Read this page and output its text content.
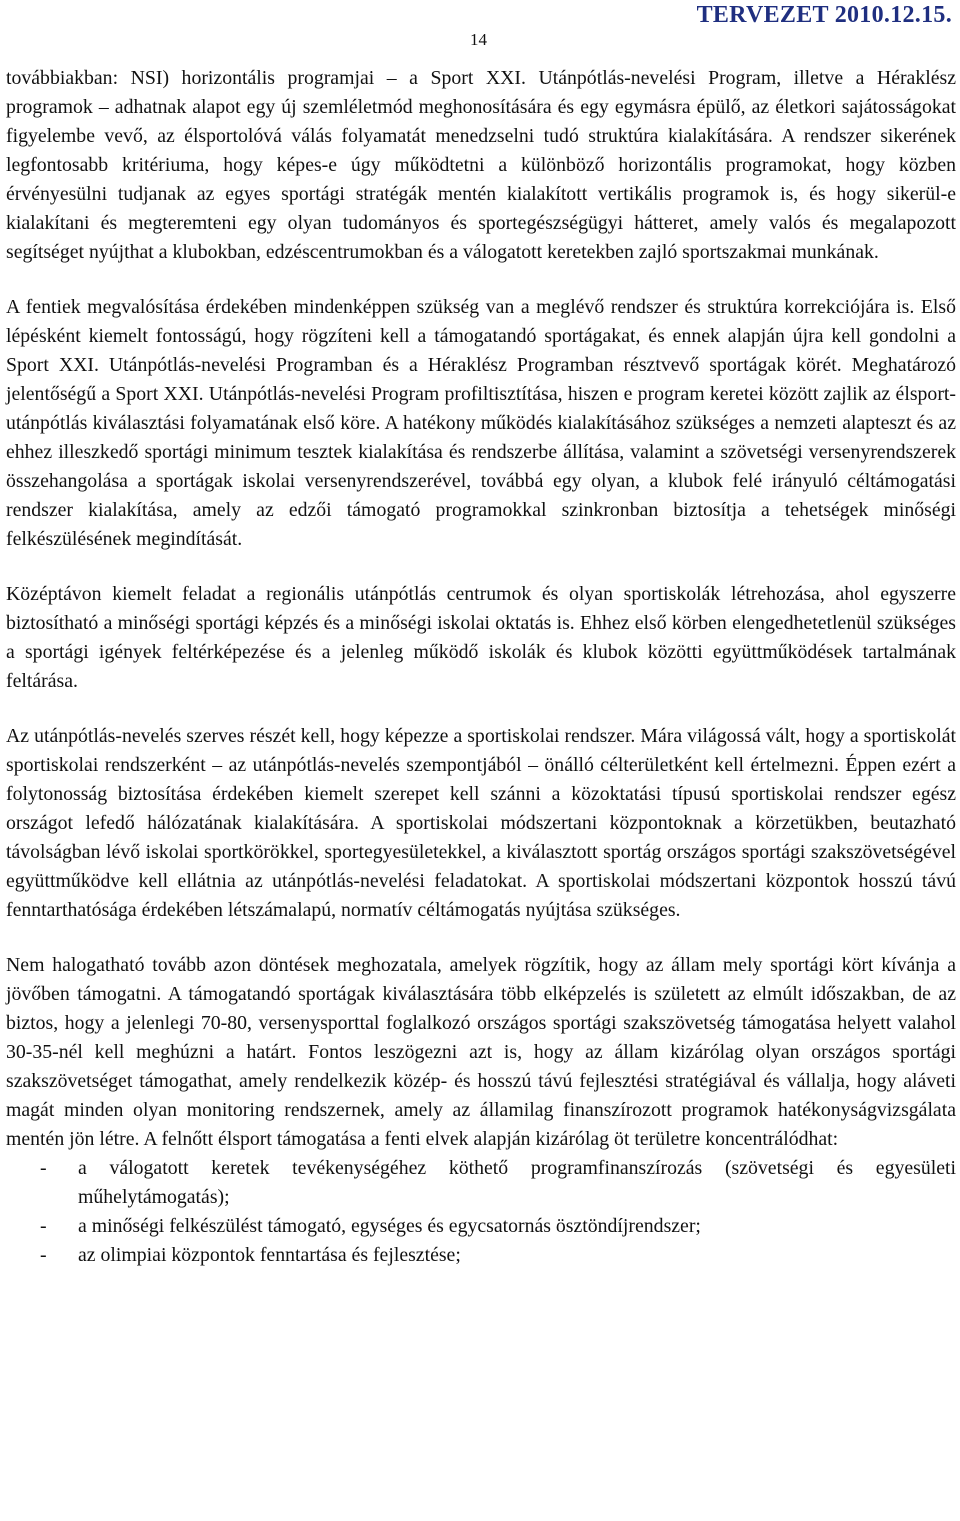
14
TERVEZET 2010.12.15.

továbbiakban: NSI) horizontális programjai – a Sport XXI. Utánpótlás-nevelési Program, illetve a Héraklész programok – adhatnak alapot egy új szemléletmód meghonosítására és egy egymásra épülő, az életkori sajátosságokat figyelembe vevő, az élsportolóvá válás folyamatát menedzselni tudó struktúra kialakítására. A rendszer sikerének legfontosabb kritériuma, hogy képes-e úgy működtetni a különböző horizontális programokat, hogy közben érvényesülni tudjanak az egyes sportági stratégák mentén kialakított vertikális programok is, és hogy sikerül-e kialakítani és megteremteni egy olyan tudományos és sportegészségügyi hátteret, amely valós és megalapozott segítséget nyújthat a klubokban, edzéscentrumokban és a válogatott keretekben zajló sportszakmai munkának.

A fentiek megvalósítása érdekében mindenképpen szükség van a meglévő rendszer és struktúra korrekciójára is. Első lépésként kiemelt fontosságú, hogy rögzíteni kell a támogatandó sportágakat, és ennek alapján újra kell gondolni a Sport XXI. Utánpótlás-nevelési Programban és a Héraklész Programban résztvevő sportágak körét. Meghatározó jelentőségű a Sport XXI. Utánpótlás-nevelési Program profiltisztítása, hiszen e program keretei között zajlik az élsport-utánpótlás kiválasztási folyamatának első köre. A hatékony működés kialakításához szükséges a nemzeti alapteszt és az ehhez illeszkedő sportági minimum tesztek kialakítása és rendszerbe állítása, valamint a szövetségi versenyrendszerek összehangolása a sportágak iskolai versenyrendszerével, továbbá egy olyan, a klubok felé irányuló céltámogatási rendszer kialakítása, amely az edzői támogató programokkal szinkronban biztosítja a tehetségek minőségi felkészülésének megindítását.

Középtávon kiemelt feladat a regionális utánpótlás centrumok és olyan sportiskolák létrehozása, ahol egyszerre biztosítható a minőségi sportági képzés és a minőségi iskolai oktatás is. Ehhez első körben elengedhetetlenül szükséges a sportági igények feltérképezése és a jelenleg működő iskolák és klubok közötti együttműködések tartalmának feltárása.

Az utánpótlás-nevelés szerves részét kell, hogy képezze a sportiskolai rendszer. Mára világossá vált, hogy a sportiskolát sportiskolai rendszerként – az utánpótlás-nevelés szempontjából – önálló célterületként kell értelmezni. Éppen ezért a folytonosság biztosítása érdekében kiemelt szerepet kell szánni a közoktatási típusú sportiskolai rendszer egész országot lefedő hálózatának kialakítására. A sportiskolai módszertani központoknak a körzetükben, beutazható távolságban lévő iskolai sportkörökkel, sportegyesületekkel, a kiválasztott sportág országos sportági szakszövetségével együttműködve kell ellátnia az utánpótlás-nevelési feladatokat. A sportiskolai módszertani központok hosszú távú fenntarthatósága érdekében létszámalapú, normatív céltámogatás nyújtása szükséges.

Nem halogatható tovább azon döntések meghozatala, amelyek rögzítik, hogy az állam mely sportági kört kívánja a jövőben támogatni. A támogatandó sportágak kiválasztására több elképzelés is született az elmúlt időszakban, de az biztos, hogy a jelenlegi 70-80, versenysporttal foglalkozó országos sportági szakszövetség támogatása helyett valahol 30-35-nél kell meghúzni a határt. Fontos leszögezni azt is, hogy az állam kizárólag olyan országos sportági szakszövetséget támogathat, amely rendelkezik közép- és hosszú távú fejlesztési stratégiával és vállalja, hogy aláveti magát minden olyan monitoring rendszernek, amely az államilag finanszírozott programok hatékonyságvizsgálata mentén jön létre. A felnőtt élsport támogatása a fenti elvek alapján kizárólag öt területre koncentrálódhat:

- a válogatott keretek tevékenységéhez köthető programfinanszírozás (szövetségi és egyesületi műhelytámogatás);
- a minőségi felkészülést támogató, egységes és egycsatornás ösztöndíjrendszer;
- az olimpiai központok fenntartása és fejlesztése;
